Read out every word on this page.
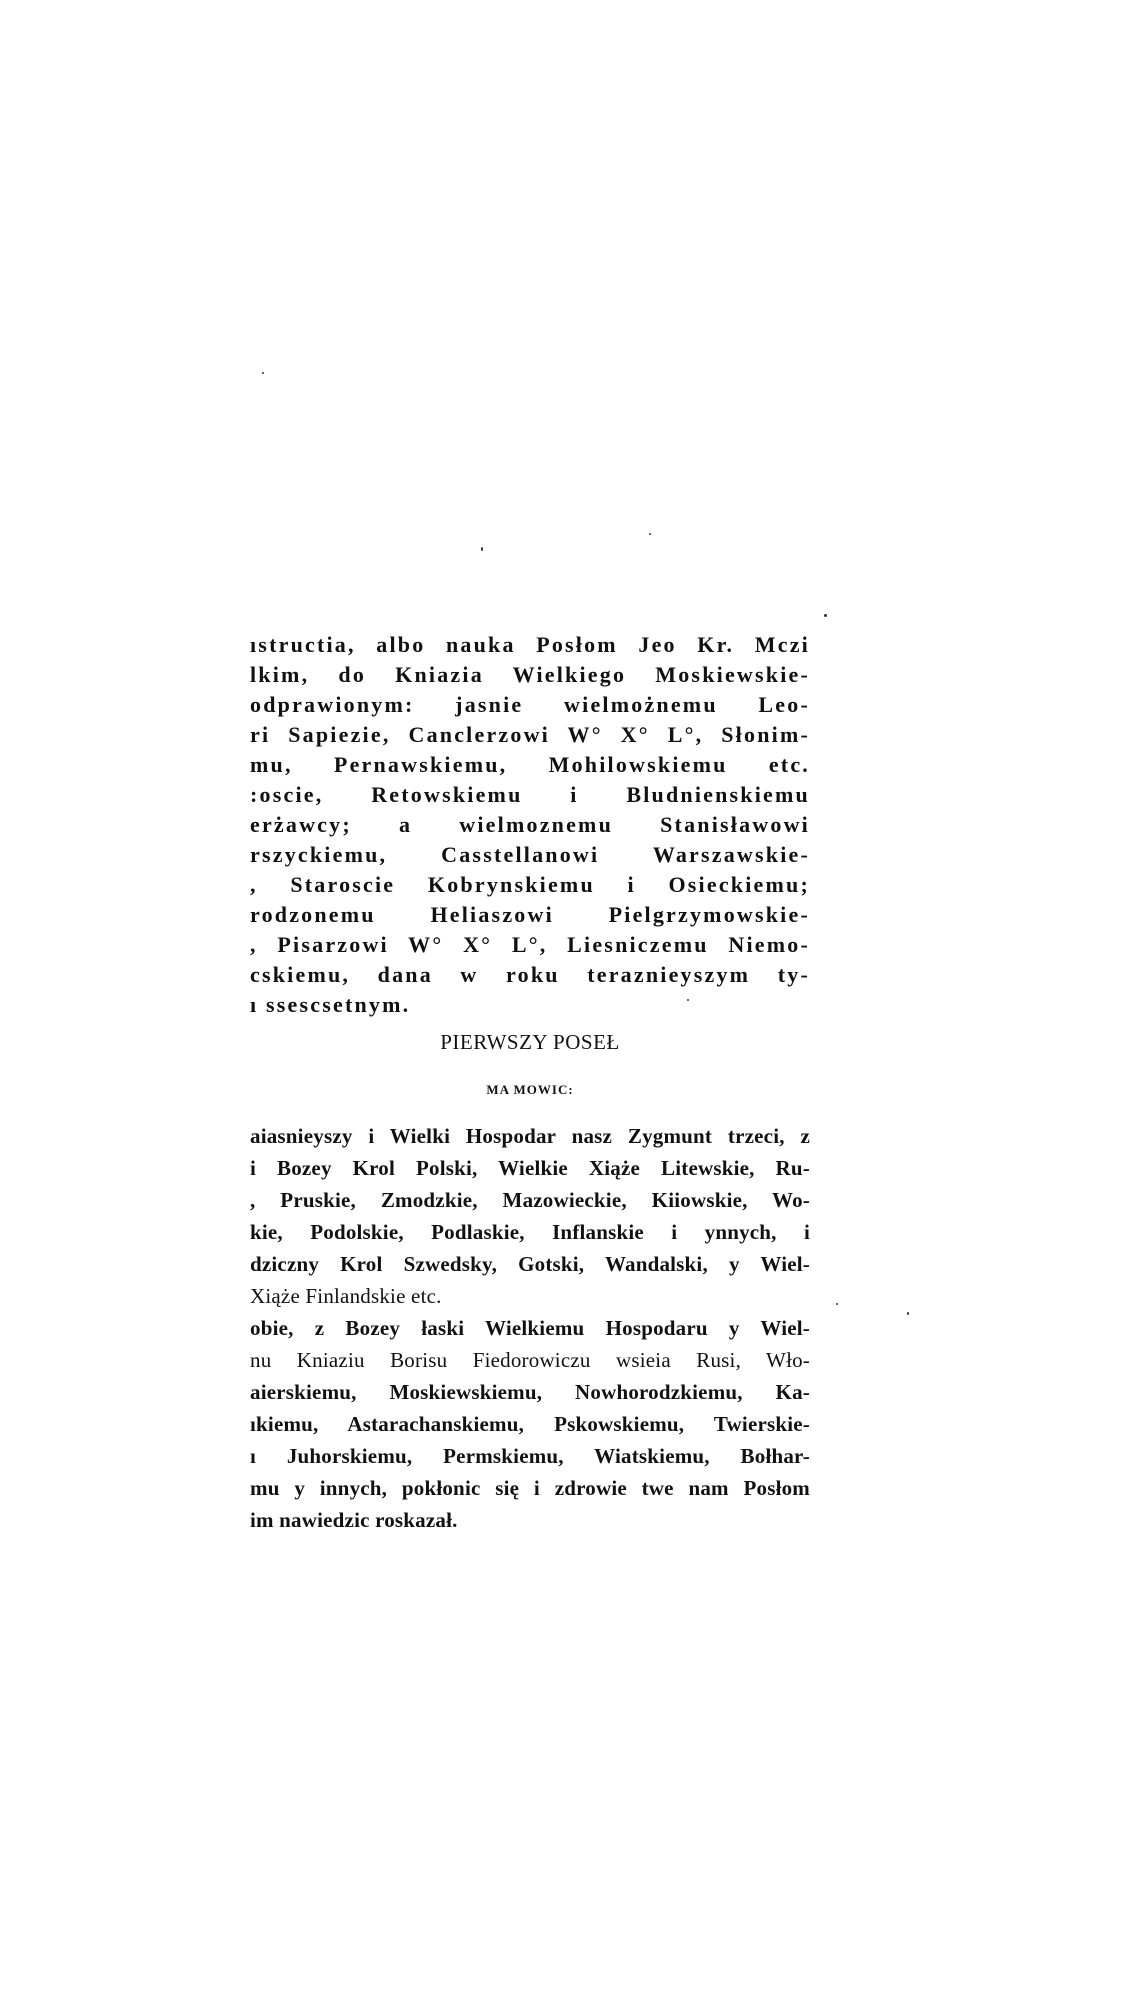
ıstructia, albo nauka Posłom Jeo Kr. Mczi
lkim, do Kniazia Wielkiego Moskiewskie-
odprawionym: jasnie wielmożnemu Leo-
ri Sapiezie, Canclerzowi W° X° L°, Słonim-
mu, Pernawskiemu, Mohilowskiemu etc.
:oscie, Retowskiemu i Bludnienskiemu
erżawcy; a wielmoznemu Stanisławowi
rszyckiemu, Casstellanowi Warszawskie-
, Staroscie Kobrynskiemu i Osieckiemu;
rodzonemu Heliaszowi Pielgrzymowskie-
, Pisarzowi W° X° L°, Liesniczemu Niemo-
cskiemu, dana w roku teraznieyszym ty-
ı ssescsetnym.
PIERWSZY POSEŁ
MA MOWIC:
aiasnieyszy i Wielki Hospodar nasz Zygmunt trzeci, z
i Bozey Krol Polski, Wielkie Xiąże Litewskie, Ru-
, Pruskie, Zmodzkie, Mazowieckie, Kiiowskie, Wo-
kie, Podolskie, Podlaskie, Inflanskie i ynnych, i
dziczny Krol Szwedsky, Gotski, Wandalski, y Wiel-
Xiąże Finlandskie etc.
obie, z Bozey łaski Wielkiemu Hospodaru y Wiel-
nu Kniaziu Borisu Fiedorowiczu wsieia Rusi, Wło-
aierskiemu, Moskiewskiemu, Nowhorodzkiemu, Ka-
ıkiemu, Astarachanskiemu, Pskowskiemu, Twierskie-
ı Juhorskiemu, Permskiemu, Wiatskiemu, Bołhar-
mu y innych, pokłonic się i zdrowie twe nam Posłom
im nawiedzic roskazał.
